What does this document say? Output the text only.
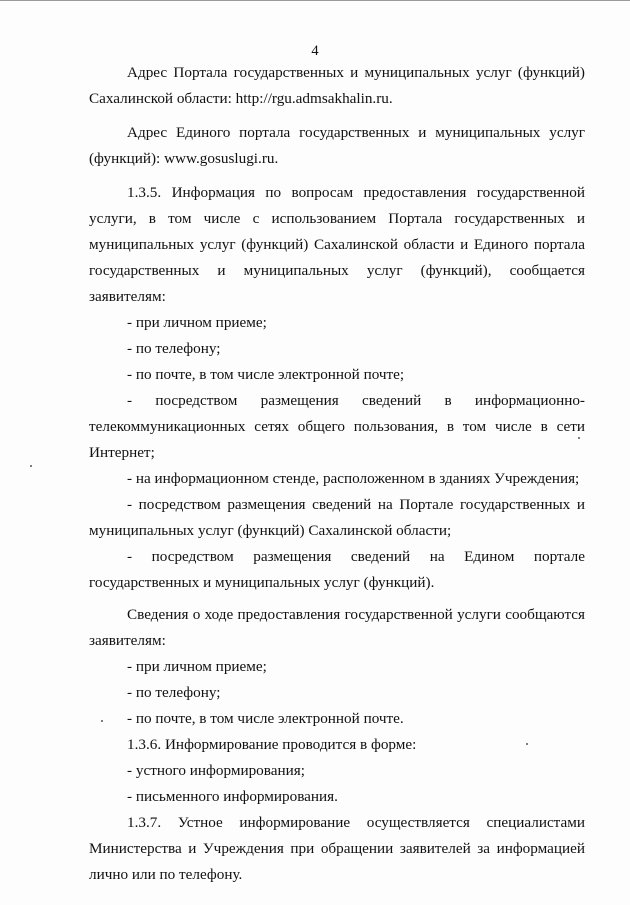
4

Адрес Портала государственных и муниципальных услуг (функций) Сахалинской области: http://rgu.admsakhalin.ru.

Адрес Единого портала государственных и муниципальных услуг (функций): www.gosuslugi.ru.

1.3.5. Информация по вопросам предоставления государственной услуги, в том числе с использованием Портала государственных и муниципальных услуг (функций) Сахалинской области и Единого портала государственных и муниципальных услуг (функций), сообщается заявителям:

- при личном приеме;

- по телефону;

- по почте, в том числе электронной почте;

- посредством размещения сведений в информационно-телекоммуникационных сетях общего пользования, в том числе в сети Интернет;

- на информационном стенде, расположенном в зданиях Учреждения;

- посредством размещения сведений на Портале государственных и муниципальных услуг (функций) Сахалинской области;

- посредством размещения сведений на Едином портале государственных и муниципальных услуг (функций).

Сведения о ходе предоставления государственной услуги сообщаются заявителям:

- при личном приеме;

- по телефону;

- по почте, в том числе электронной почте.

1.3.6. Информирование проводится в форме:

- устного информирования;

- письменного информирования.

1.3.7. Устное информирование осуществляется специалистами Министерства и Учреждения при обращении заявителей за информацией лично или по телефону.
